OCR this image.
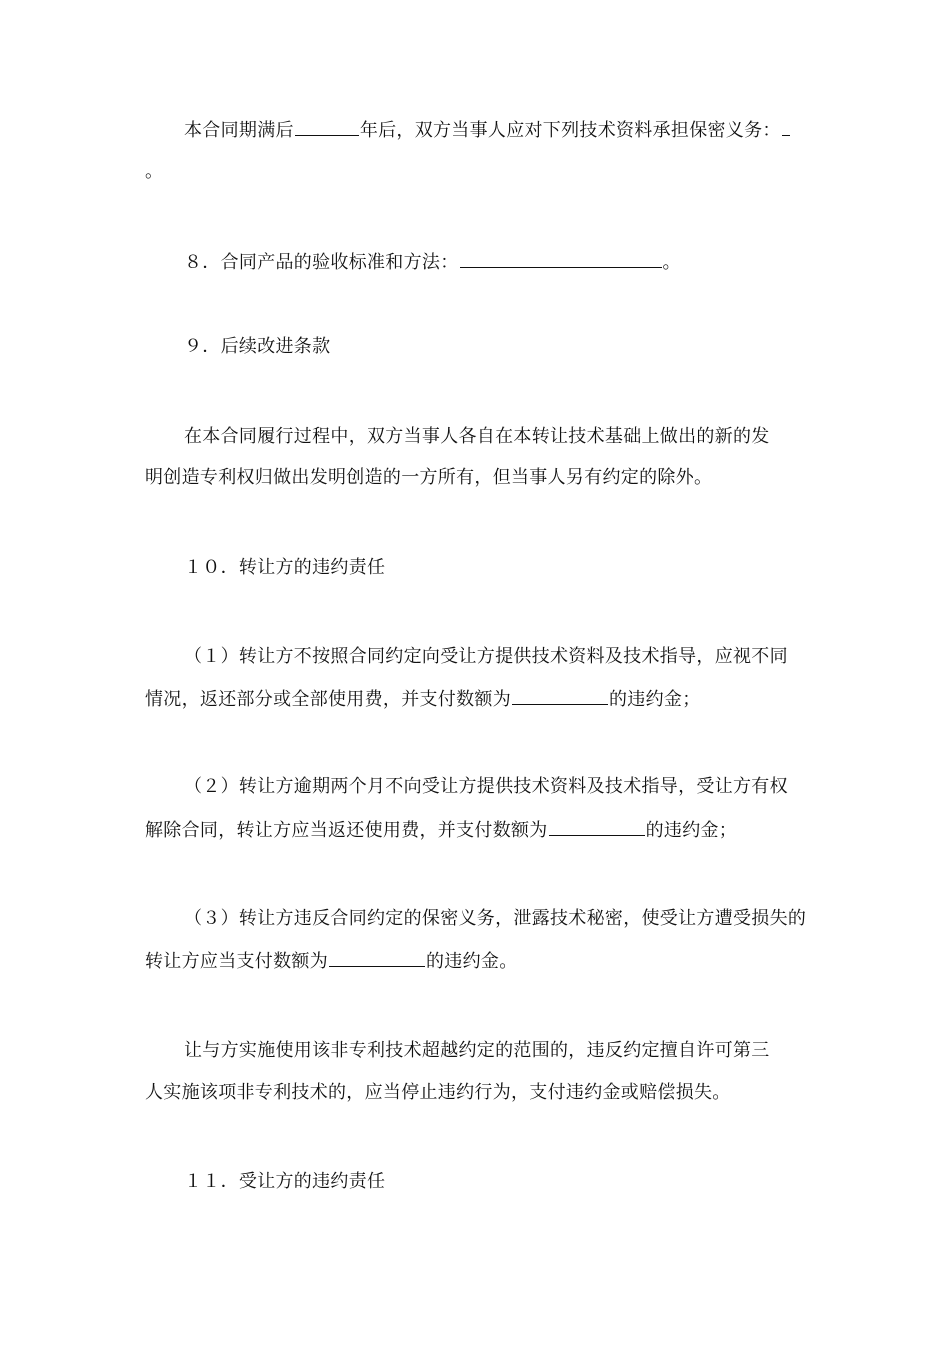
本合同期满后	年后，双方当事人应对下列技术资料承担保密义务：
。
８．合同产品的验收标准和方法：	。
９．后续改进条款
在本合同履行过程中，双方当事人各自在本转让技术基础上做出的新的发
明创造专利权归做出发明创造的一方所有，但当事人另有约定的除外。
１０．转让方的违约责任
（１）转让方不按照合同约定向受让方提供技术资料及技术指导，应视不同
情况，返还部分或全部使用费，并支付数额为	的违约金；
（２）转让方逾期两个月不向受让方提供技术资料及技术指导，受让方有权
解除合同，转让方应当返还使用费，并支付数额为	的违约金；
（３）转让方违反合同约定的保密义务，泄露技术秘密，使受让方遭受损失的
转让方应当支付数额为	的违约金。
让与方实施使用该非专利技术超越约定的范围的，违反约定擅自许可第三
人实施该项非专利技术的，应当停止违约行为，支付违约金或赔偿损失。
１１．受让方的违约责任
